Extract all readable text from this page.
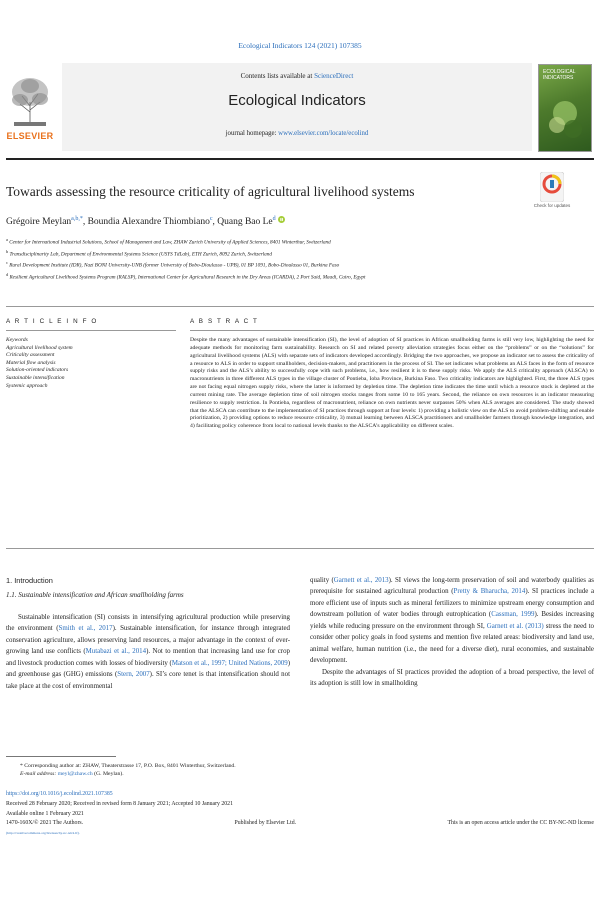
Ecological Indicators 124 (2021) 107385
ELSEVIER
Contents lists available at ScienceDirect
Ecological Indicators
journal homepage: www.elsevier.com/locate/ecolind
ECOLOGICAL INDICATORS
Towards assessing the resource criticality of agricultural livelihood systems
Check for updates
Grégoire Meylan$^{a,b,*}$, Boundia Alexandre Thiombiano$^c$, Quang Bao Le$^d$
$^a$ Center for International Industrial Solutions, School of Management and Law, ZHAW Zurich University of Applied Sciences, 8401 Winterthur, Switzerland
$^b$ Transdisciplinarity Lab, Department of Environmental Systems Science (USYS TdLab), ETH Zurich, 8092 Zurich, Switzerland
$^c$ Rural Development Institute (IDR), Nazi BONI University-UNB (former University of Bobo-Dioulasso - UPB), 01 BP 1091, Bobo-Dioulasso 01, Burkina Faso
$^d$ Resilient Agricultural Livelihood Systems Program (RALSP), International Center for Agricultural Research in the Dry Areas (ICARDA), 2 Port Said, Maadi, Cairo, Egypt
A R T I C L E I N F O	A B S T R A C T
Keywords
Agricultural livelihood system
Criticality assessment
Material flow analysis
Solution-oriented indicators
Sustainable intensification
Systemic approach
Despite the many advantages of sustainable intensification (SI), the level of adoption of SI practices in African smallholding farms is still very low, highlighting the need for adequate methods for monitoring farm sustainability. Research on SI and related poverty alleviation strategies focus either on the “problems” or on the “solutions” for agricultural livelihood systems (ALS) with separate sets of indicators developed accordingly. Bridging the two approaches, we propose an indicator set to assess the criticality of a resource to ALS in order to support smallholders, decision-makers, and practitioners in the process of SI. The set indicates what problems an ALS faces in the form of resource supply risks and the ALS’s ability to successfully cope with such problems, i.e., how resilient it is to these supply risks. We apply the ALS criticality approach (ALSCA) to macronutrients in three different ALS types in the village cluster of Pontieba, Ioba Province, Burkina Faso. Two criticality indicators are highlighted. First, the three ALS types are not facing equal nitrogen supply risks, where the latter is informed by depletion time. The depletion time indicates the time until which a resource stock is depleted at the current mining rate. The average depletion time of soil nitrogen stocks ranges from some 10 to 165 years. Second, the reliance on own resources is an indicator measuring resilience to supply restriction. In Pontieba, regardless of macronutrient, reliance on own nutrients never surpasses 50% when ALS averages are considered. The study showed that the ALSCA can contribute to the implementation of SI practices through support at four levels: 1) providing a holistic view on the ALS to avoid problem-shifting and enable prioritization, 2) providing options to reduce resource criticality, 3) mutual learning between ALSCA practitioners and smallholder farmers through knowledge integration, and 4) facilitating policy coherence from local to national levels thanks to the ALSCA’s applicability on different scales.
1. Introduction
1.1. Sustainable intensification and African smallholding farms

Sustainable intensification (SI) consists in intensifying agricultural production while preserving the environment (Smith et al., 2017). Sustainable intensification, for instance through integrated conservation agriculture, allows preserving land resources, a major advantage in the context of ever-growing land use conflicts (Mutabazi et al., 2014). Not to mention that increasing land use for crop and livestock production comes with losses of biodiversity (Matson et al., 1997; United Nations, 2009) and greenhouse gas (GHG) emissions (Stern, 2007). SI’s core tenet is that intensification should not take place at the cost of environmental

quality (Garnett et al., 2013). SI views the long-term preservation of soil and waterbody qualities as prerequisite for sustained agricultural production (Pretty & Bharucha, 2014). SI practices include a more efficient use of inputs such as mineral fertilizers to minimize upstream energy consumption and downstream pollution of water bodies through eutrophication (Cassman, 1999). Besides increasing yields while reducing pressure on the environment through SI, Garnett et al. (2013) stress the need to consider other policy goals in food systems and mention five related areas: biodiversity and land use, animal welfare, human nutrition (i.e., the need for a diverse diet), rural economies, and sustainable development.

Despite the advantages of SI practices provided the adoption of a broad perspective, the level of its adoption is still low in smallholding

* Corresponding author at: ZHAW, Theaterstrasse 17, P.O. Box, 8401 Winterthur, Switzerland.
E-mail address: meyl@zhaw.ch (G. Meylan).
https://doi.org/10.1016/j.ecolind.2021.107385
Received 28 February 2020; Received in revised form 8 January 2021; Accepted 10 January 2021
Available online 1 February 2021
1470-160X/© 2021 The Authors.	Published by Elsevier Ltd.	This is an open access article under the CC BY-NC-ND license
(http://creativecommons.org/licenses/by-nc-nd/4.0/).
